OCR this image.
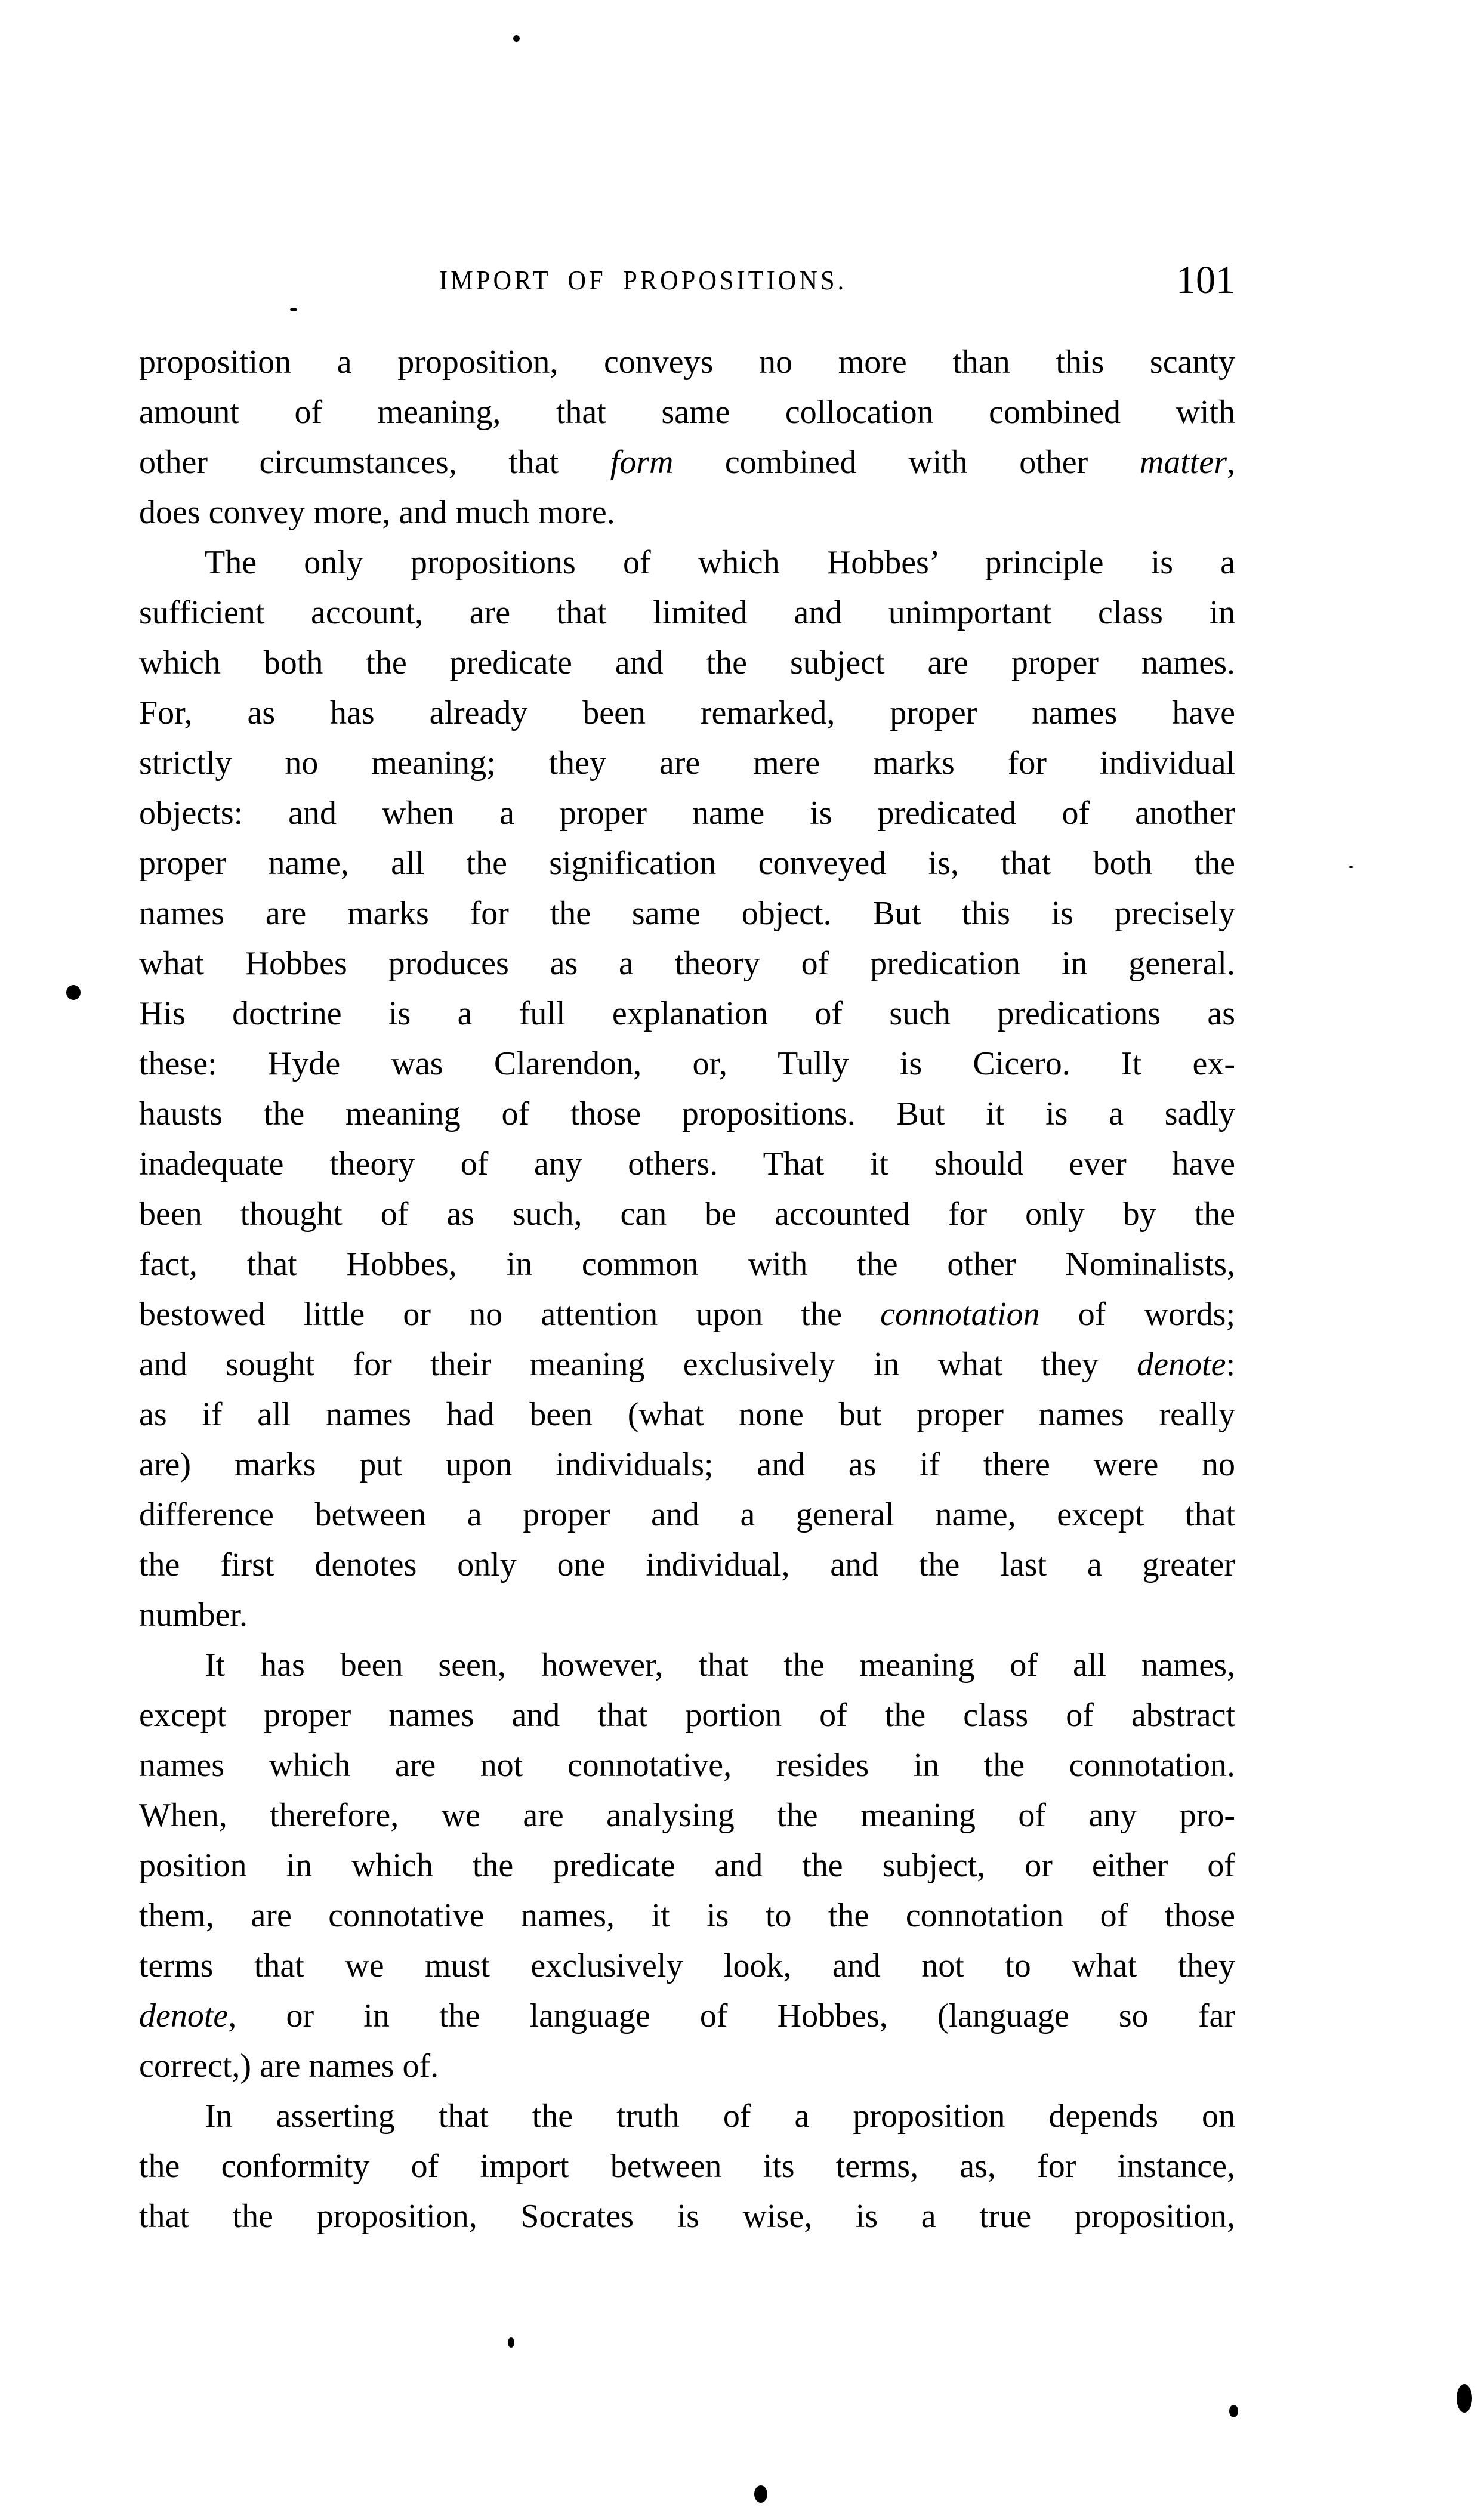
IMPORT OF PROPOSITIONS.	101
proposition a proposition, conveys no more than this scanty
amount of meaning, that same collocation combined with
other circumstances, that form combined with other matter,
does convey more, and much more.
The only propositions of which Hobbes’ principle is a
sufficient account, are that limited and unimportant class in
which both the predicate and the subject are proper names.
For, as has already been remarked, proper names have
strictly no meaning; they are mere marks for individual
objects: and when a proper name is predicated of another
proper name, all the signification conveyed is, that both the
names are marks for the same object. But this is precisely
what Hobbes produces as a theory of predication in general.
His doctrine is a full explanation of such predications as
these: Hyde was Clarendon, or, Tully is Cicero. It ex-
hausts the meaning of those propositions. But it is a sadly
inadequate theory of any others. That it should ever have
been thought of as such, can be accounted for only by the
fact, that Hobbes, in common with the other Nominalists,
bestowed little or no attention upon the connotation of words;
and sought for their meaning exclusively in what they denote:
as if all names had been (what none but proper names really
are) marks put upon individuals; and as if there were no
difference between a proper and a general name, except that
the first denotes only one individual, and the last a greater
number.
It has been seen, however, that the meaning of all names,
except proper names and that portion of the class of abstract
names which are not connotative, resides in the connotation.
When, therefore, we are analysing the meaning of any pro-
position in which the predicate and the subject, or either of
them, are connotative names, it is to the connotation of those
terms that we must exclusively look, and not to what they
denote, or in the language of Hobbes, (language so far
correct,) are names of.
In asserting that the truth of a proposition depends on
the conformity of import between its terms, as, for instance,
that the proposition, Socrates is wise, is a true proposition,
